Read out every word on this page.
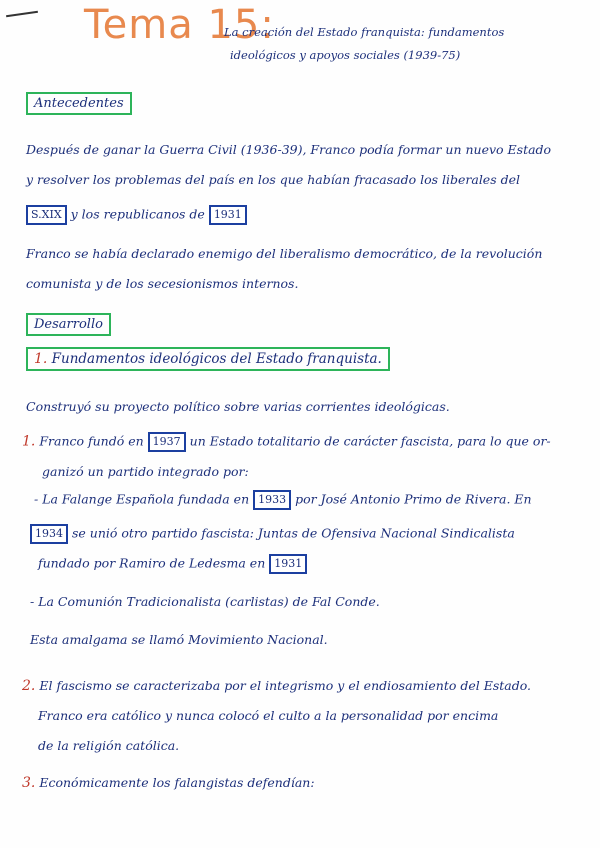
Tema 15:
La creación del Estado franquista: fundamentos
ideológicos y apoyos sociales (1939-75)
Antecedentes
Después de ganar la Guerra Civil (1936-39), Franco podía formar un nuevo Estado
y resolver los problemas del país en los que habían fracasado los liberales del
S.XIX y los republicanos de 1931
Franco se había declarado enemigo del liberalismo democrático, de la revolución
comunista y de los secesionismos internos.
Desarrollo
1. Fundamentos ideológicos del Estado franquista.
Construyó su proyecto político sobre varias corrientes ideológicas.
1. Franco fundó en 1937 un Estado totalitario de carácter fascista, para lo que or-
ganizó un partido integrado por:
- La Falange Española fundada en 1933 por José Antonio Primo de Rivera. En
1934 se unió otro partido fascista: Juntas de Ofensiva Nacional Sindicalista
fundado por Ramiro de Ledesma en 1931
- La Comunión Tradicionalista (carlistas) de Fal Conde.
Esta amalgama se llamó Movimiento Nacional.
2. El fascismo se caracterizaba por el integrismo y el endiosamiento del Estado.
Franco era católico y nunca colocó el culto a la personalidad por encima
de la religión católica.
3. Económicamente los falangistas defendían:
